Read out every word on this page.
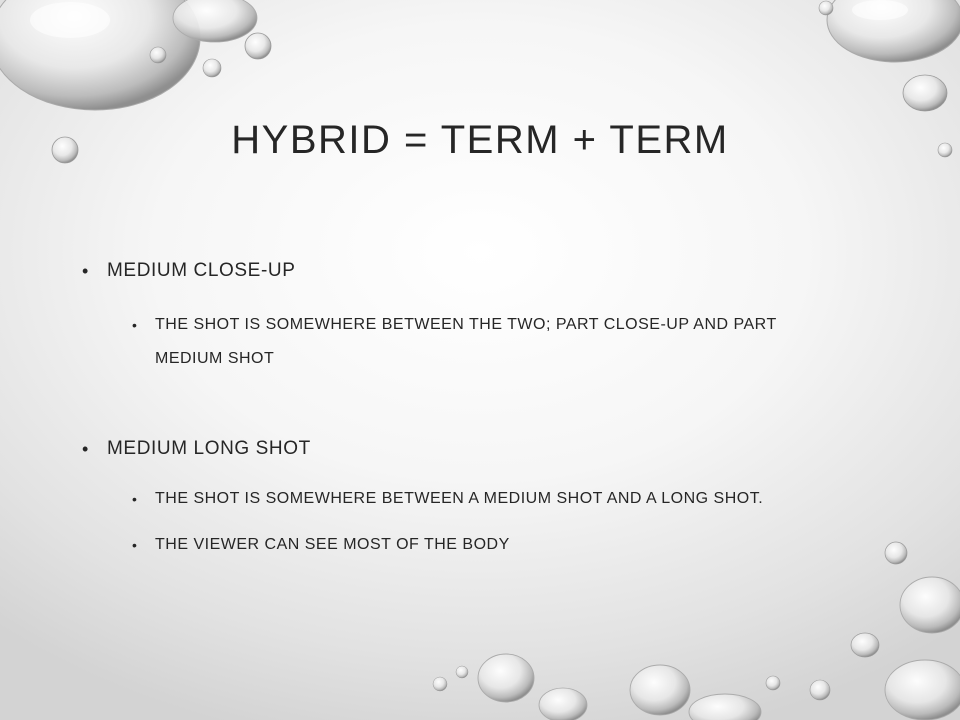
HYBRID = TERM + TERM
• MEDIUM CLOSE-UP
• THE SHOT IS SOMEWHERE BETWEEN THE TWO; PART CLOSE-UP AND PART MEDIUM SHOT
• MEDIUM LONG SHOT
• THE SHOT IS SOMEWHERE BETWEEN A MEDIUM SHOT AND A LONG SHOT.
• THE VIEWER CAN SEE MOST OF THE BODY
